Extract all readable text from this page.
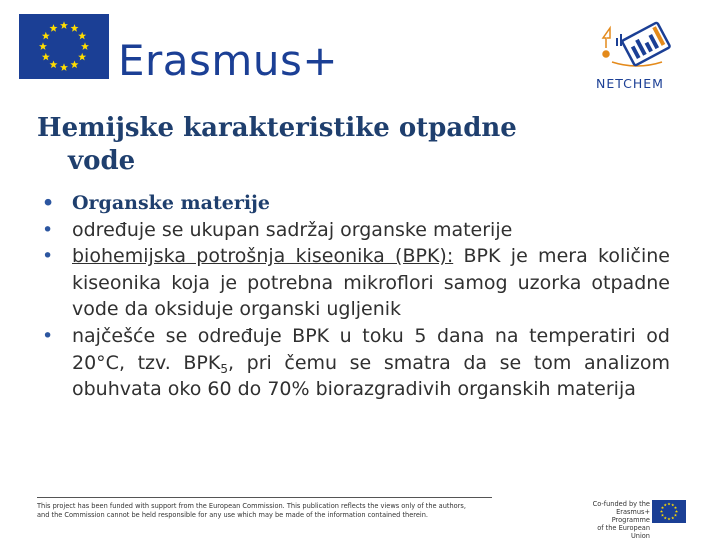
Erasmus+	NETCHEM
Hemijske karakteristike otpadne
vode
• Organske materije
• određuje se ukupan sadržaj organske materije
• biohemijska potrošnja kiseonika (BPK): BPK je mera količine kiseonika koja je potrebna mikroflori samog uzorka otpadne vode da oksiduje organski ugljenik
• najčešće se određuje BPK u toku 5 dana na temperatiri od 20°C, tzv. $BPK_5$, pri čemu se smatra da se tom analizom obuhvata oko 60 do 70% biorazgradivih organskih materija
This project has been funded with support from the European Commission. This publication reflects the views only of the authors,
and the Commission cannot be held responsible for any use which may be made of the information contained therein.
Co-funded by the
Erasmus+ Programme
of the European Union
